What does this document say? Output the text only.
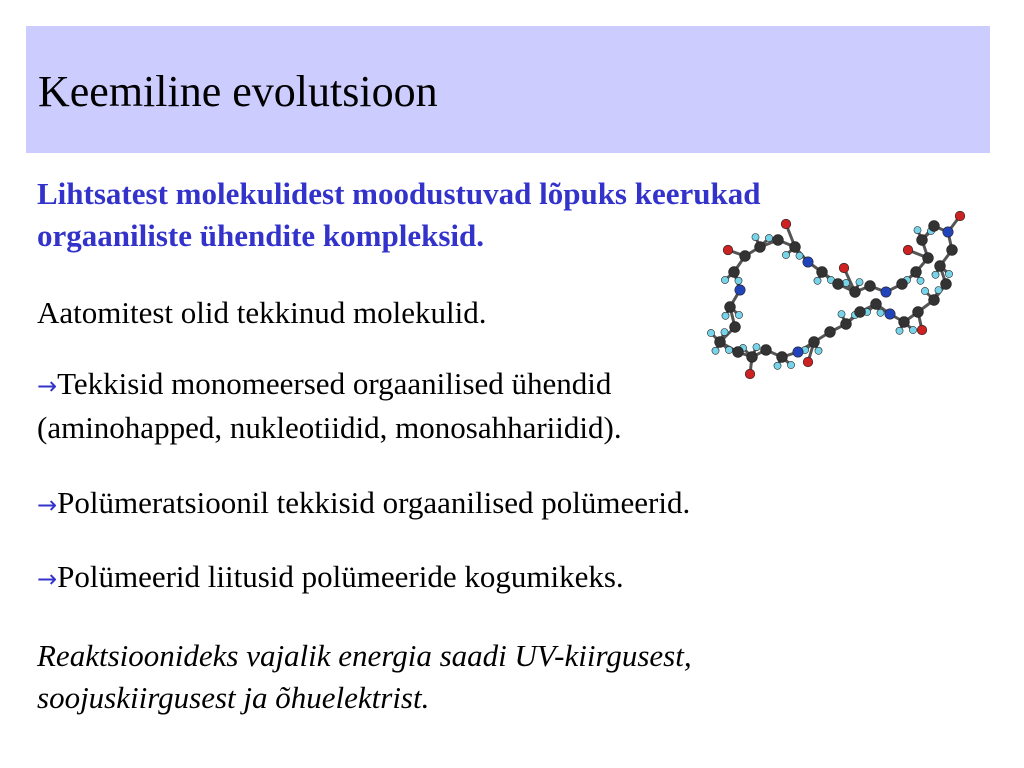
Keemiline evolutsioon
Lihtsatest molekulidest moodustuvad lõpuks keerukad
orgaaniliste ühendite kompleksid.
Aatomitest olid tekkinud molekulid.
→Tekkisid monomeersed orgaanilised ühendid
(aminohapped, nukleotiidid, monosahhariidid).
→Polümeratsioonil tekkisid orgaanilised polümeerid.
→Polümeerid liitusid polümeeride kogumikeks.
Reaktsioonideks vajalik energia saadi UV-kiirgusest,
soojuskiirgusest ja õhuelektrist.
